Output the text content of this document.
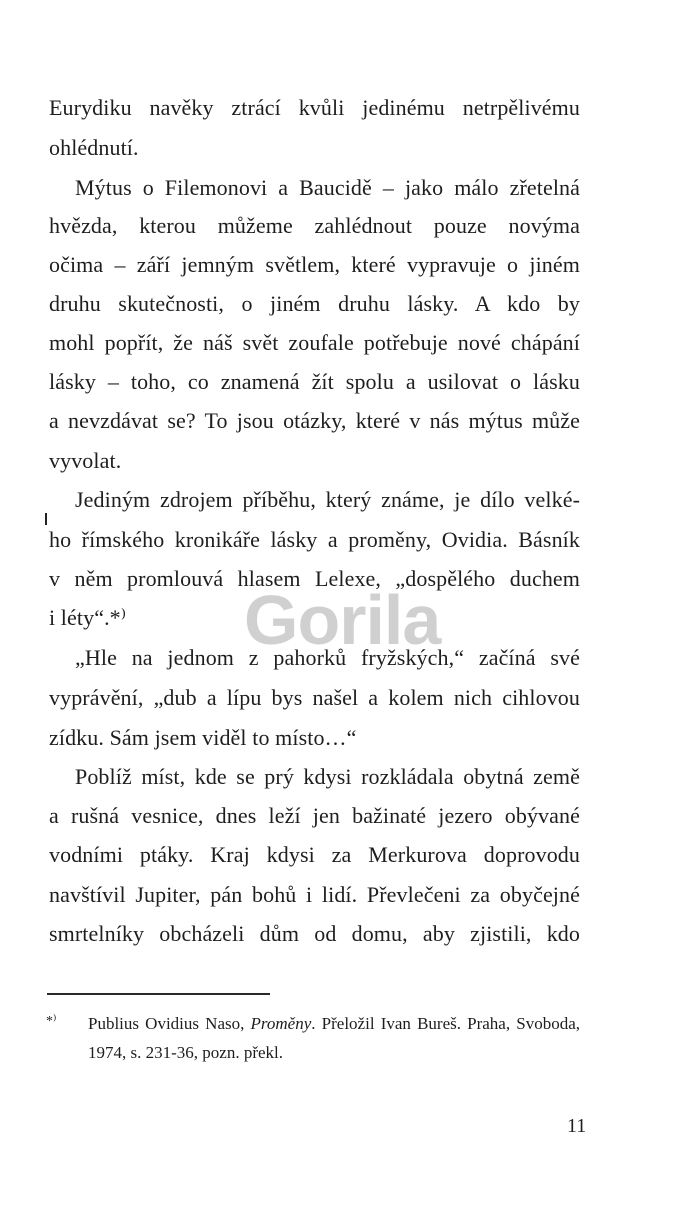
Eurydiku navěky ztrácí kvůli jedinému netrpělivému
ohlédnutí.
Mýtus o Filemonovi a Baucidě – jako málo zřetelná
hvězda, kterou můžeme zahlédnout pouze novýma
očima – září jemným světlem, které vypravuje o jiném
druhu skutečnosti, o jiném druhu lásky. A kdo by
mohl popřít, že náš svět zoufale potřebuje nové chápání
lásky – toho, co znamená žít spolu a usilovat o lásku
a nevzdávat se? To jsou otázky, které v nás mýtus může
vyvolat.
Jediným zdrojem příběhu, který známe, je dílo velké-
ho římského kronikáře lásky a proměny, Ovidia. Básník
v něm promlouvá hlasem Lelexe, „dospělého duchem
i léty“.*⁾
„Hle na jednom z pahorků fryžských,“ začíná své
vyprávění, „dub a lípu bys našel a kolem nich cihlovou
zídku. Sám jsem viděl to místo…“
Poblíž míst, kde se prý kdysi rozkládala obytná země
a rušná vesnice, dnes leží jen bažinaté jezero obývané
vodními ptáky. Kraj kdysi za Merkurova doprovodu
navštívil Jupiter, pán bohů i lidí. Převlečeni za obyčejné
smrtelníky obcházeli dům od domu, aby zjistili, kdo
Gorila
*⁾ Publius Ovidius Naso, Proměny. Přeložil Ivan Bureš. Praha, Svoboda,
1974, s. 231-36, pozn. překl.
11
